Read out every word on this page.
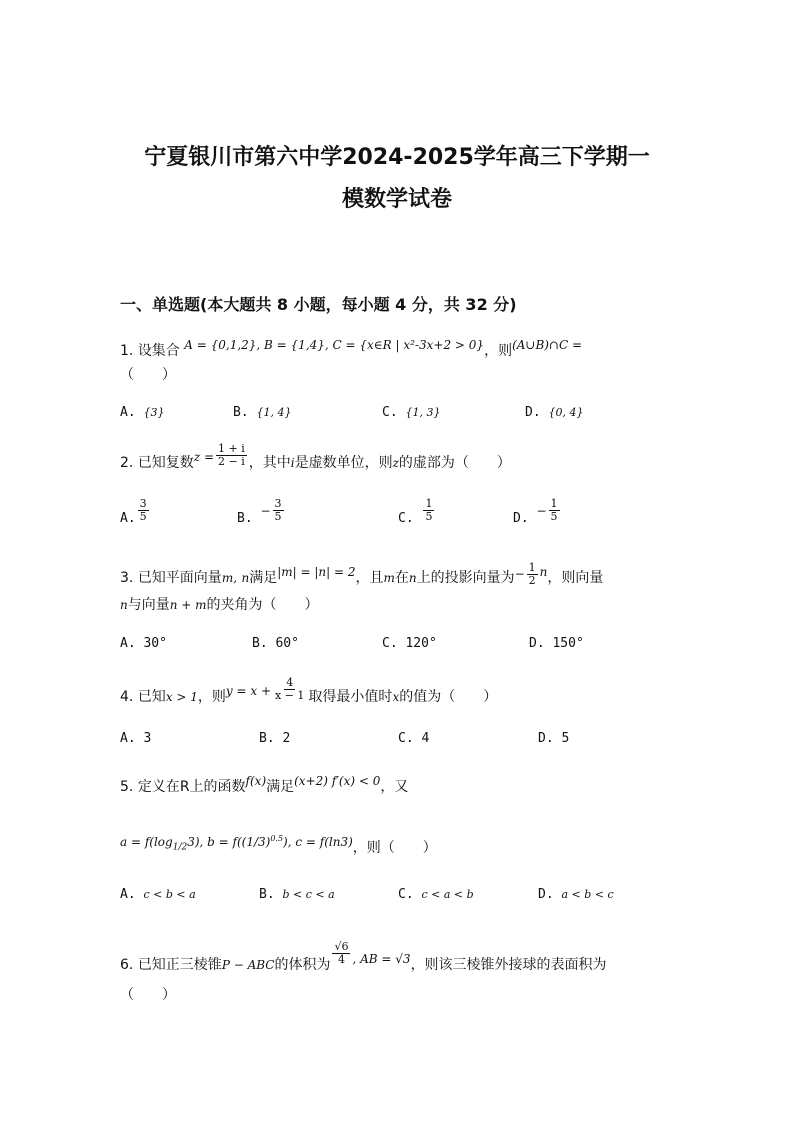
宁夏银川市第六中学2024-2025学年高三下学期一
模数学试卷
一、单选题(本大题共 8 小题，每小题 4 分，共 32 分)
1. 设集合 A = {0,1,2}, B = {1,4}, C = {x∈R | x²-3x+2 > 0}，则(A∪B)∩C =
（　　）
A. {3}	B. {1, 4}	C. {1, 3}	D. {0, 4}
2. 已知复数$z = \frac{1 + i}{2 - i}$ ，其中i是虚数单位，则z的虚部为（　　）
A. $\frac{3}{5}$	B. − $\frac{3}{5}$	C. $\frac{1}{5}$	D. − $\frac{1}{5}$
3. 已知平面向量m, n满足|m| = |n| = 2，且m在n上的投影向量为− $\frac{1}{2}$ n，则向量
n与向量n + m的夹角为（　　）
A. 30°	B. 60°	C. 120°	D. 150°
4. 已知x > 1，则$y = x + \frac{4}{x - 1}$ 取得最小值时x的值为（　　）
A. 3	B. 2	C. 4	D. 5
5. 定义在R上的函数f(x)满足(x+2) f′(x) < 0，又
$a = f(\log_{1/2}3)$, $b = f((1/3)^{0.5})$, c = f(ln3)，则（　　）
A. c < b < a	B. b < c < a	C. c < a < b	D. a < b < c
6. 已知正三棱锥P − ABC的体积为 $\frac{√6}{4}$ , AB = √3，则该三棱锥外接球的表面积为
（　　）
